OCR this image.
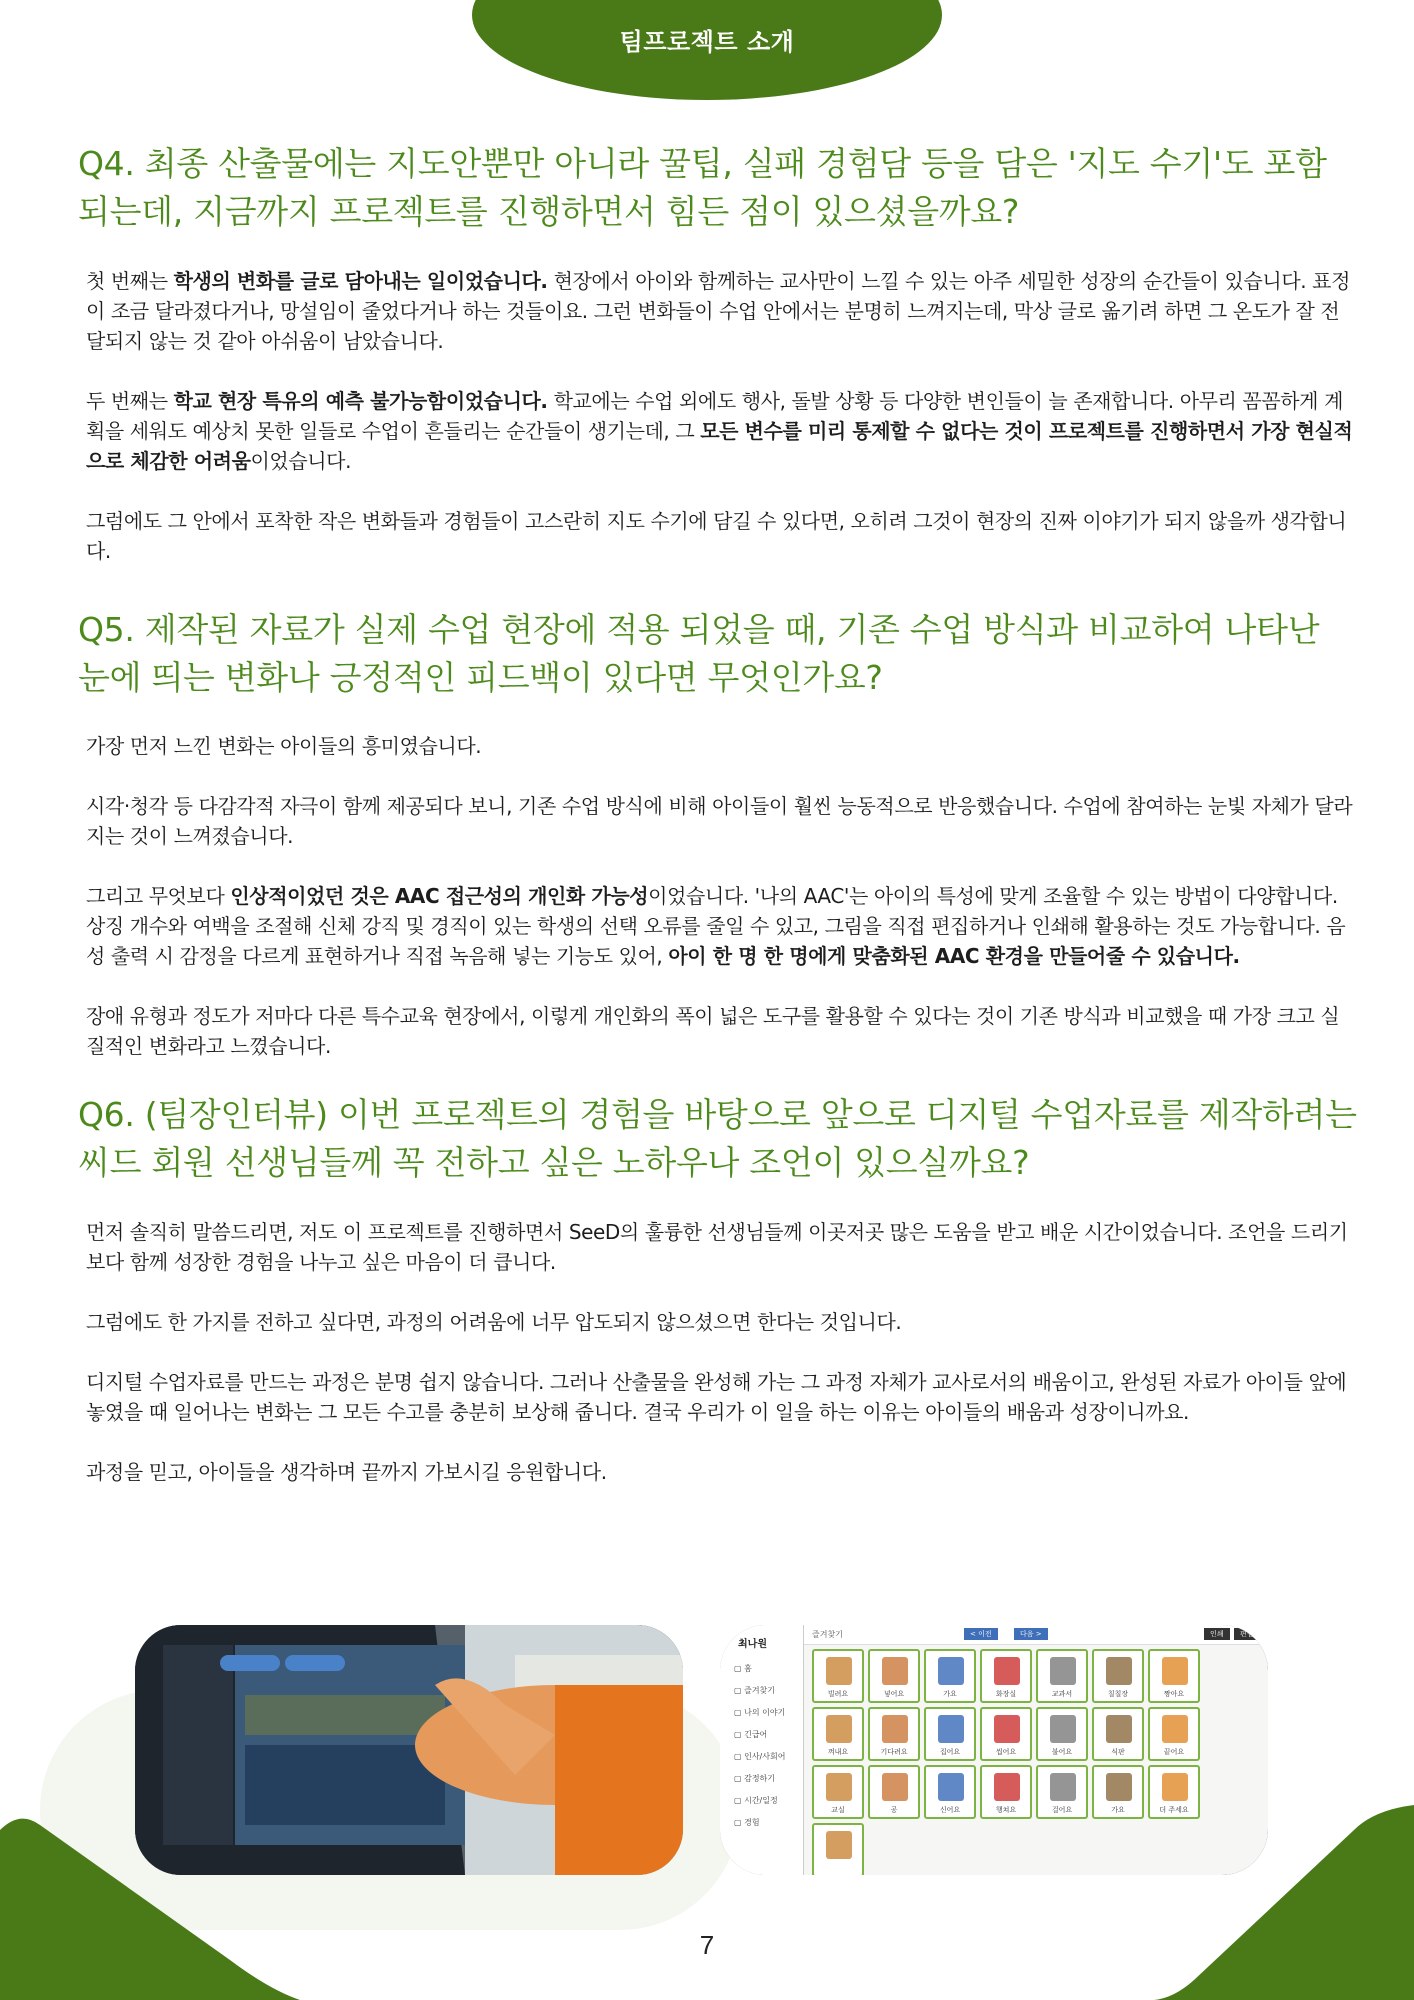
팀프로젝트 소개
Q4. 최종 산출물에는 지도안뿐만 아니라 꿀팁, 실패 경험담 등을 담은 '지도 수기'도 포함되는데, 지금까지 프로젝트를 진행하면서 힘든 점이 있으셨을까요?

첫 번째는 학생의 변화를 글로 담아내는 일이었습니다. 현장에서 아이와 함께하는 교사만이 느낄 수 있는 아주 세밀한 성장의 순간들이 있습니다. 표정이 조금 달라졌다거나, 망설임이 줄었다거나 하는 것들이요. 그런 변화들이 수업 안에서는 분명히 느껴지는데, 막상 글로 옮기려 하면 그 온도가 잘 전달되지 않는 것 같아 아쉬움이 남았습니다.

두 번째는 학교 현장 특유의 예측 불가능함이었습니다. 학교에는 수업 외에도 행사, 돌발 상황 등 다양한 변인들이 늘 존재합니다. 아무리 꼼꼼하게 계획을 세워도 예상치 못한 일들로 수업이 흔들리는 순간들이 생기는데, 그 모든 변수를 미리 통제할 수 없다는 것이 프로젝트를 진행하면서 가장 현실적으로 체감한 어려움이었습니다.

그럼에도 그 안에서 포착한 작은 변화들과 경험들이 고스란히 지도 수기에 담길 수 있다면, 오히려 그것이 현장의 진짜 이야기가 되지 않을까 생각합니다.

Q5. 제작된 자료가 실제 수업 현장에 적용 되었을 때, 기존 수업 방식과 비교하여 나타난 눈에 띄는 변화나 긍정적인 피드백이 있다면 무엇인가요?

가장 먼저 느낀 변화는 아이들의 흥미였습니다.

시각·청각 등 다감각적 자극이 함께 제공되다 보니, 기존 수업 방식에 비해 아이들이 훨씬 능동적으로 반응했습니다. 수업에 참여하는 눈빛 자체가 달라지는 것이 느껴졌습니다.

그리고 무엇보다 인상적이었던 것은 AAC 접근성의 개인화 가능성이었습니다. '나의 AAC'는 아이의 특성에 맞게 조율할 수 있는 방법이 다양합니다. 상징 개수와 여백을 조절해 신체 강직 및 경직이 있는 학생의 선택 오류를 줄일 수 있고, 그림을 직접 편집하거나 인쇄해 활용하는 것도 가능합니다. 음성 출력 시 감정을 다르게 표현하거나 직접 녹음해 넣는 기능도 있어, 아이 한 명 한 명에게 맞춤화된 AAC 환경을 만들어줄 수 있습니다.

장애 유형과 정도가 저마다 다른 특수교육 현장에서, 이렇게 개인화의 폭이 넓은 도구를 활용할 수 있다는 것이 기존 방식과 비교했을 때 가장 크고 실질적인 변화라고 느꼈습니다.

Q6. (팀장인터뷰) 이번 프로젝트의 경험을 바탕으로 앞으로 디지털 수업자료를 제작하려는 씨드 회원 선생님들께 꼭 전하고 싶은 노하우나 조언이 있으실까요?

먼저 솔직히 말씀드리면, 저도 이 프로젝트를 진행하면서 SeeD의 훌륭한 선생님들께 이곳저곳 많은 도움을 받고 배운 시간이었습니다. 조언을 드리기보다 함께 성장한 경험을 나누고 싶은 마음이 더 큽니다.

그럼에도 한 가지를 전하고 싶다면, 과정의 어려움에 너무 압도되지 않으셨으면 한다는 것입니다.

디지털 수업자료를 만드는 과정은 분명 쉽지 않습니다. 그러나 산출물을 완성해 가는 그 과정 자체가 교사로서의 배움이고, 완성된 자료가 아이들 앞에 놓였을 때 일어나는 변화는 그 모든 수고를 충분히 보상해 줍니다. 결국 우리가 이 일을 하는 이유는 아이들의 배움과 성장이니까요.

과정을 믿고, 아이들을 생각하며 끝까지 가보시길 응원합니다.

최나원
▢ 홈
▢ 즐겨찾기
▢ 나의 이야기
▢ 긴급어
▢ 인사/사회어
▢ 감정하기
▢ 시간/일정
▢ 경험
즐겨찾기	< 이전	다음 >	인쇄	편집
빌려요	넣어요	가요	화장실	교과서	칠칠장	짱아요
껴내요	기다려요	집어요	씹어요	불어요	식판	끝어요
교실	공	신어요	행쳐요	걸어요	가요	더 주세요
7
